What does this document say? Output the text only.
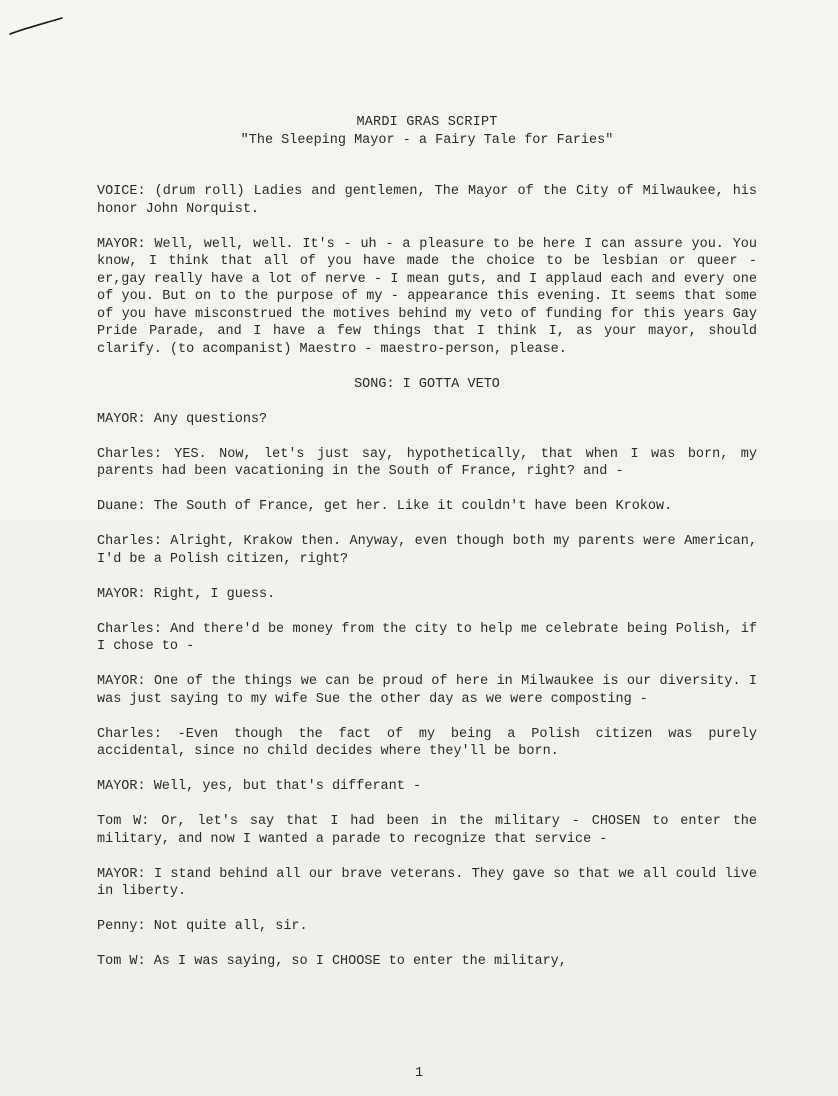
MARDI GRAS SCRIPT

"The Sleeping Mayor - a Fairy Tale for Faries"

VOICE: (drum roll) Ladies and gentlemen, The Mayor of the City of Milwaukee, his honor John Norquist.

MAYOR: Well, well, well. It's - uh - a pleasure to be here I can assure you. You know, I think that all of you have made the choice to be lesbian or queer - er,gay really have a lot of nerve - I mean guts, and I applaud each and every one of you. But on to the purpose of my - appearance this evening. It seems that some of you have misconstrued the motives behind my veto of funding for this years Gay Pride Parade, and I have a few things that I think I, as your mayor, should clarify. (to acompanist) Maestro - maestro-person, please.

SONG: I GOTTA VETO

MAYOR: Any questions?

Charles: YES. Now, let's just say, hypothetically, that when I was born, my parents had been vacationing in the South of France, right? and -

Duane: The South of France, get her. Like it couldn't have been Krokow.

Charles: Alright, Krakow then. Anyway, even though both my parents were American, I'd be a Polish citizen, right?

MAYOR: Right, I guess.

Charles: And there'd be money from the city to help me celebrate being Polish, if I chose to -

MAYOR: One of the things we can be proud of here in Milwaukee is our diversity. I was just saying to my wife Sue the other day as we were composting -

Charles: -Even though the fact of my being a Polish citizen was purely accidental, since no child decides where they'll be born.

MAYOR: Well, yes, but that's differant -

Tom W: Or, let's say that I had been in the military - CHOSEN to enter the military, and now I wanted a parade to recognize that service -

MAYOR: I stand behind all our brave veterans. They gave so that we all could live in liberty.

Penny: Not quite all, sir.

Tom W: As I was saying, so I CHOOSE to enter the military,

1
